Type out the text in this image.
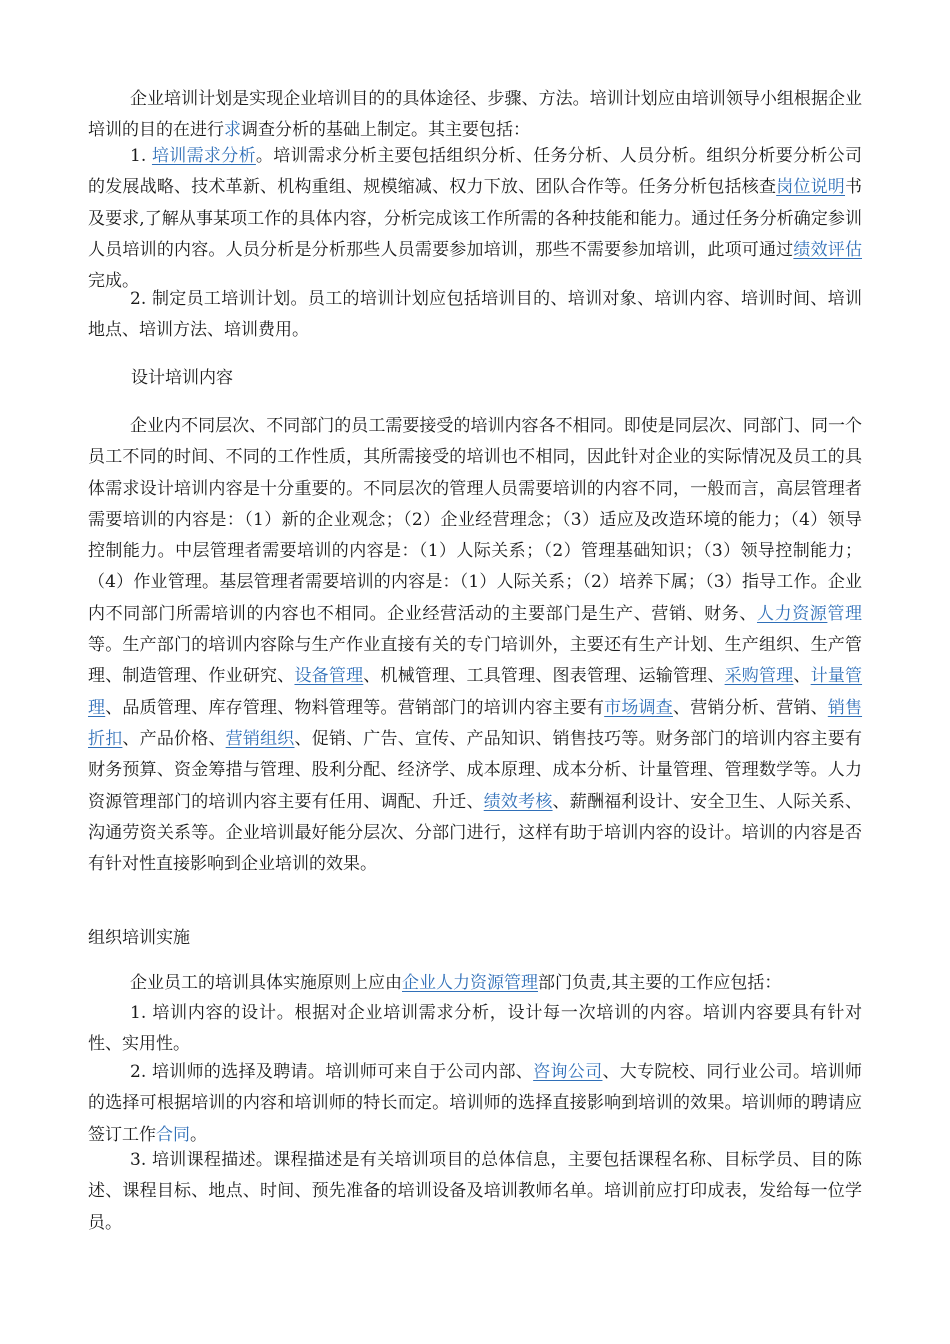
企业培训计划是实现企业培训目的的具体途径、步骤、方法。培训计划应由培训领导小组根据企业培训的目的在进行求调查分析的基础上制定。其主要包括：

1. 培训需求分析。培训需求分析主要包括组织分析、任务分析、人员分析。组织分析要分析公司的发展战略、技术革新、机构重组、规模缩减、权力下放、团队合作等。任务分析包括核查岗位说明书及要求,了解从事某项工作的具体内容，分析完成该工作所需的各种技能和能力。通过任务分析确定参训人员培训的内容。人员分析是分析那些人员需要参加培训，那些不需要参加培训，此项可通过绩效评估完成。

2. 制定员工培训计划。员工的培训计划应包括培训目的、培训对象、培训内容、培训时间、培训地点、培训方法、培训费用。

设计培训内容

企业内不同层次、不同部门的员工需要接受的培训内容各不相同。即使是同层次、同部门、同一个员工不同的时间、不同的工作性质，其所需接受的培训也不相同，因此针对企业的实际情况及员工的具体需求设计培训内容是十分重要的。不同层次的管理人员需要培训的内容不同，一般而言，高层管理者需要培训的内容是：（1）新的企业观念；（2）企业经营理念；（3）适应及改造环境的能力；（4）领导控制能力。中层管理者需要培训的内容是：（1）人际关系；（2）管理基础知识；（3）领导控制能力；（4）作业管理。基层管理者需要培训的内容是：（1）人际关系；（2）培养下属；（3）指导工作。企业内不同部门所需培训的内容也不相同。企业经营活动的主要部门是生产、营销、财务、人力资源管理等。生产部门的培训内容除与生产作业直接有关的专门培训外，主要还有生产计划、生产组织、生产管理、制造管理、作业研究、设备管理、机械管理、工具管理、图表管理、运输管理、采购管理、计量管理、品质管理、库存管理、物料管理等。营销部门的培训内容主要有市场调查、营销分析、营销、销售折扣、产品价格、营销组织、促销、广告、宣传、产品知识、销售技巧等。财务部门的培训内容主要有财务预算、资金筹措与管理、股利分配、经济学、成本原理、成本分析、计量管理、管理数学等。人力资源管理部门的培训内容主要有任用、调配、升迁、绩效考核、薪酬福利设计、安全卫生、人际关系、沟通劳资关系等。企业培训最好能分层次、分部门进行，这样有助于培训内容的设计。培训的内容是否有针对性直接影响到企业培训的效果。

组织培训实施

企业员工的培训具体实施原则上应由企业人力资源管理部门负责,其主要的工作应包括：

1. 培训内容的设计。根据对企业培训需求分析，设计每一次培训的内容。培训内容要具有针对性、实用性。

2. 培训师的选择及聘请。培训师可来自于公司内部、咨询公司、大专院校、同行业公司。培训师的选择可根据培训的内容和培训师的特长而定。培训师的选择直接影响到培训的效果。培训师的聘请应签订工作合同。

3. 培训课程描述。课程描述是有关培训项目的总体信息，主要包括课程名称、目标学员、目的陈述、课程目标、地点、时间、预先准备的培训设备及培训教师名单。培训前应打印成表，发给每一位学员。
